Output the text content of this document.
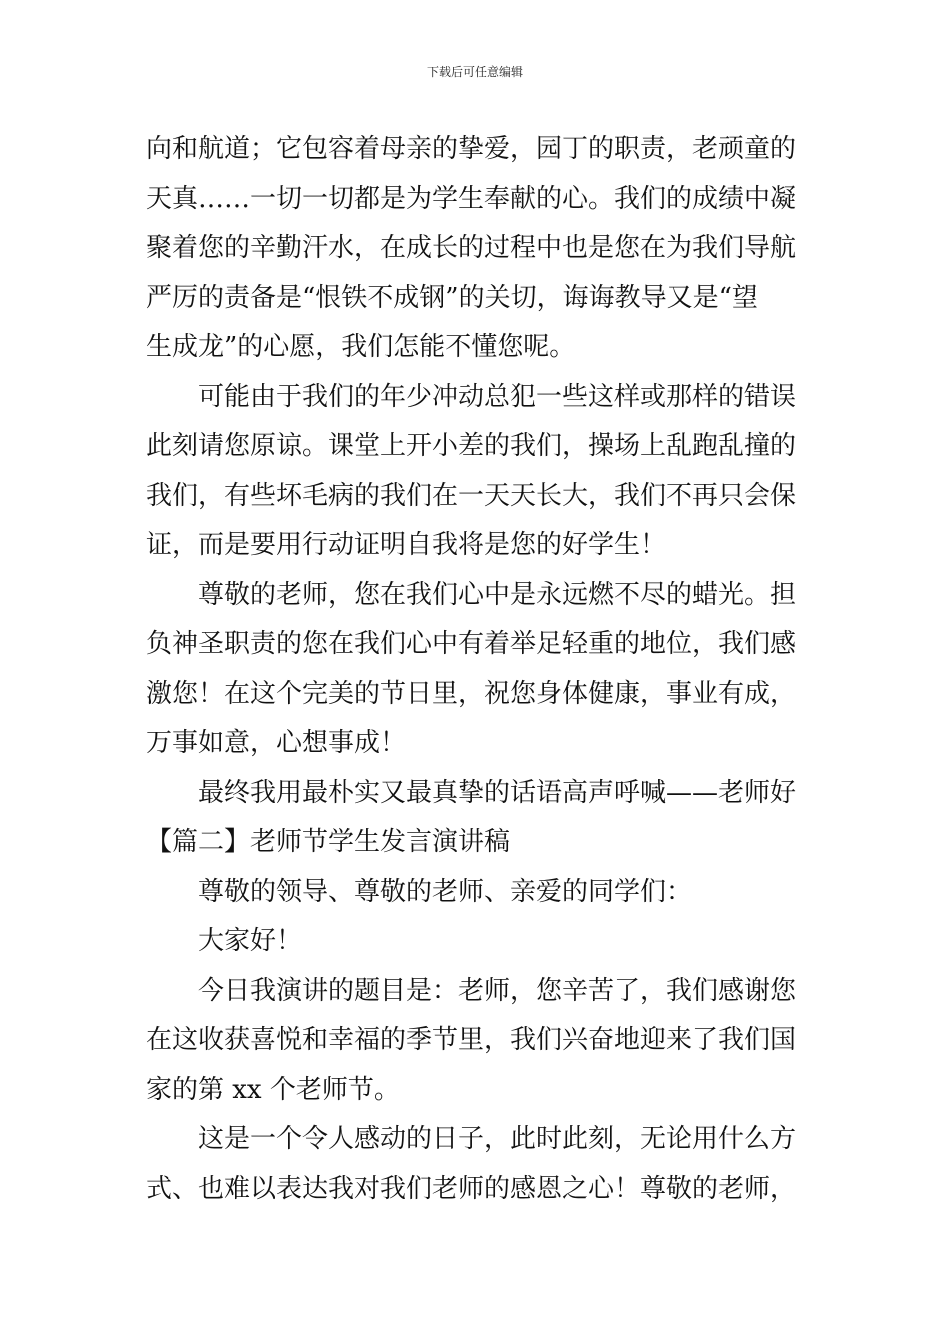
下载后可任意编辑
向和航道；它包容着母亲的挚爱，园丁的职责，老顽童的
天真……一切一切都是为学生奉献的心。我们的成绩中凝
聚着您的辛勤汗水，在成长的过程中也是您在为我们导航
严厉的责备是“恨铁不成钢”的关切，诲诲教导又是“望
生成龙”的心愿，我们怎能不懂您呢。
可能由于我们的年少冲动总犯一些这样或那样的错误
此刻请您原谅。课堂上开小差的我们，操场上乱跑乱撞的
我们，有些坏毛病的我们在一天天长大，我们不再只会保
证，而是要用行动证明自我将是您的好学生！
尊敬的老师，您在我们心中是永远燃不尽的蜡光。担
负神圣职责的您在我们心中有着举足轻重的地位，我们感
激您！在这个完美的节日里，祝您身体健康，事业有成，
万事如意，心想事成！
最终我用最朴实又最真挚的话语高声呼喊——老师好
【篇二】老师节学生发言演讲稿
尊敬的领导、尊敬的老师、亲爱的同学们：
大家好！
今日我演讲的题目是：老师，您辛苦了，我们感谢您
在这收获喜悦和幸福的季节里，我们兴奋地迎来了我们国
家的第 xx 个老师节。
这是一个令人感动的日子，此时此刻，无论用什么方
式、也难以表达我对我们老师的感恩之心！尊敬的老师，
